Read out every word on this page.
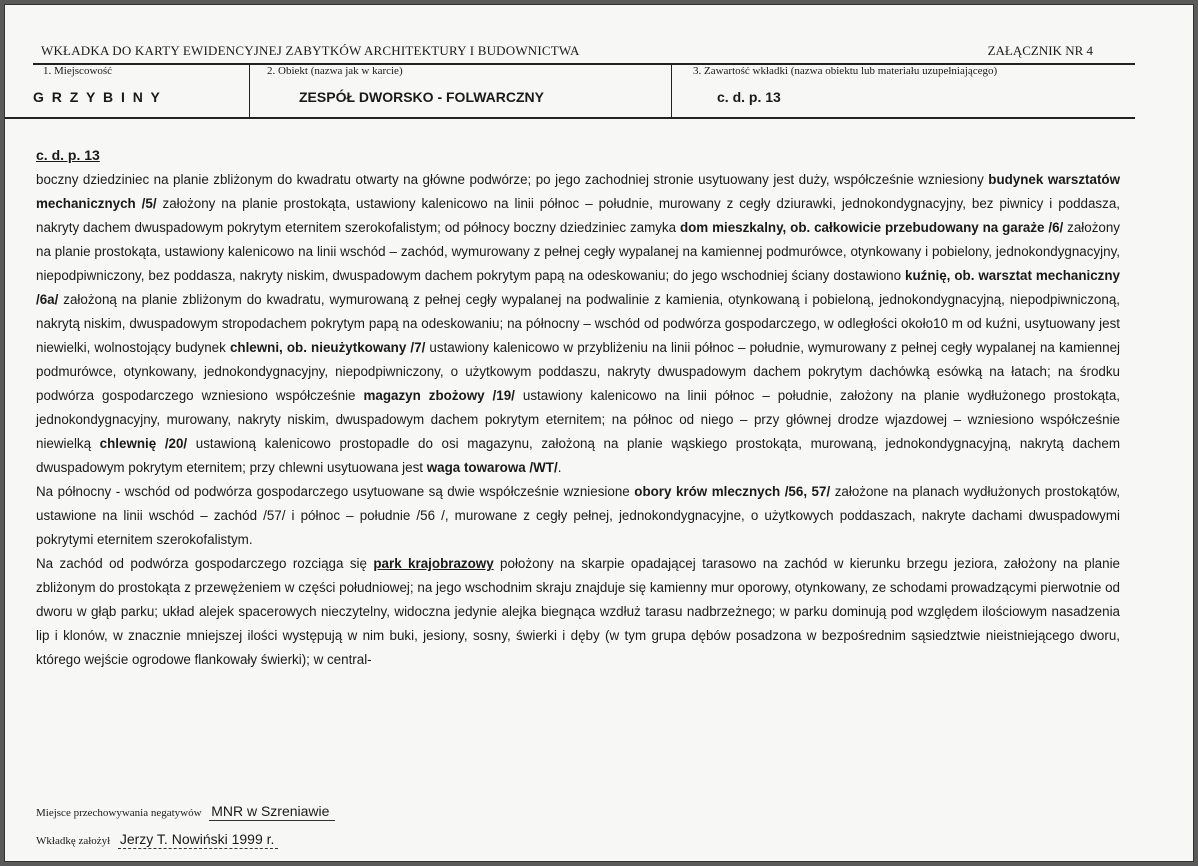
WKŁADKA DO KARTY EWIDENCYJNEJ ZABYTKÓW ARCHITEKTURY I BUDOWNICTWA	ZAŁĄCZNIK NR 4
1. Miejscowość
G R Z Y B I N Y
2. Obiekt (nazwa jak w karcie)
ZESPÓŁ DWORSKO - FOLWARCZNY
3. Zawartość wkładki (nazwa obiektu lub materiału uzupełniającego)
c. d. p. 13

c. d. p. 13

boczny dziedziniec na planie zbliżonym do kwadratu otwarty na główne podwórze; po jego zachodniej stronie usytuowany jest duży, współcześnie wzniesiony budynek warsztatów mechanicznych /5/ założony na planie prostokąta, ustawiony kalenicowo na linii północ – południe, murowany z cegły dziurawki, jednokondygnacyjny, bez piwnicy i poddasza, nakryty dachem dwuspadowym pokrytym eternitem szerokofalistym; od północy boczny dziedziniec zamyka dom mieszkalny, ob. całkowicie przebudowany na garaże /6/ założony na planie prostokąta, ustawiony kalenicowo na linii wschód – zachód, wymurowany z pełnej cegły wypalanej na kamiennej podmurówce, otynkowany i pobielony, jednokondygnacyjny, niepodpiwniczony, bez poddasza, nakryty niskim, dwuspadowym dachem pokrytym papą na odeskowaniu; do jego wschodniej ściany dostawiono kuźnię, ob. warsztat mechaniczny /6a/ założoną na planie zbliżonym do kwadratu, wymurowaną z pełnej cegły wypalanej na podwalinie z kamienia, otynkowaną i pobieloną, jednokondygnacyjną, niepodpiwniczoną, nakrytą niskim, dwuspadowym stropodachem pokrytym papą na odeskowaniu; na północny – wschód od podwórza gospodarczego, w odległości około10 m od kuźni, usytuowany jest niewielki, wolnostojący budynek chlewni, ob. nieużytkowany /7/ ustawiony kalenicowo w przybliżeniu na linii północ – południe, wymurowany z pełnej cegły wypalanej na kamiennej podmurówce, otynkowany, jednokondygnacyjny, niepodpiwniczony, o użytkowym poddaszu, nakryty dwuspadowym dachem pokrytym dachówką esówką na łatach; na środku podwórza gospodarczego wzniesiono współcześnie magazyn zbożowy /19/ ustawiony kalenicowo na linii północ – południe, założony na planie wydłużonego prostokąta, jednokondygnacyjny, murowany, nakryty niskim, dwuspadowym dachem pokrytym eternitem; na północ od niego – przy głównej drodze wjazdowej – wzniesiono współcześnie niewielką chlewnię /20/ ustawioną kalenicowo prostopadle do osi magazynu, założoną na planie wąskiego prostokąta, murowaną, jednokondygnacyjną, nakrytą dachem dwuspadowym pokrytym eternitem; przy chlewni usytuowana jest waga towarowa /WT/.

Na północny - wschód od podwórza gospodarczego usytuowane są dwie współcześnie wzniesione obory krów mlecznych /56, 57/ założone na planach wydłużonych prostokątów, ustawione na linii wschód – zachód /57/ i północ – południe /56 /, murowane z cegły pełnej, jednokondygnacyjne, o użytkowych poddaszach, nakryte dachami dwuspadowymi pokrytymi eternitem szerokofalistym.

Na zachód od podwórza gospodarczego rozciąga się park krajobrazowy położony na skarpie opadającej tarasowo na zachód w kierunku brzegu jeziora, założony na planie zbliżonym do prostokąta z przewężeniem w części południowej; na jego wschodnim skraju znajduje się kamienny mur oporowy, otynkowany, ze schodami prowadzącymi pierwotnie od dworu w głąb parku; układ alejek spacerowych nieczytelny, widoczna jedynie alejka biegnąca wzdłuż tarasu nadbrzeżnego; w parku dominują pod względem ilościowym nasadzenia lip i klonów, w znacznie mniejszej ilości występują w nim buki, jesiony, sosny, świerki i dęby (w tym grupa dębów posadzona w bezpośrednim sąsiedztwie nieistniejącego dworu, którego wejście ogrodowe flankowały świerki); w central-

Miejsce przechowywania negatywów MNR w Szreniawie
Wkładkę założył Jerzy T. Nowiński 1999 r.
